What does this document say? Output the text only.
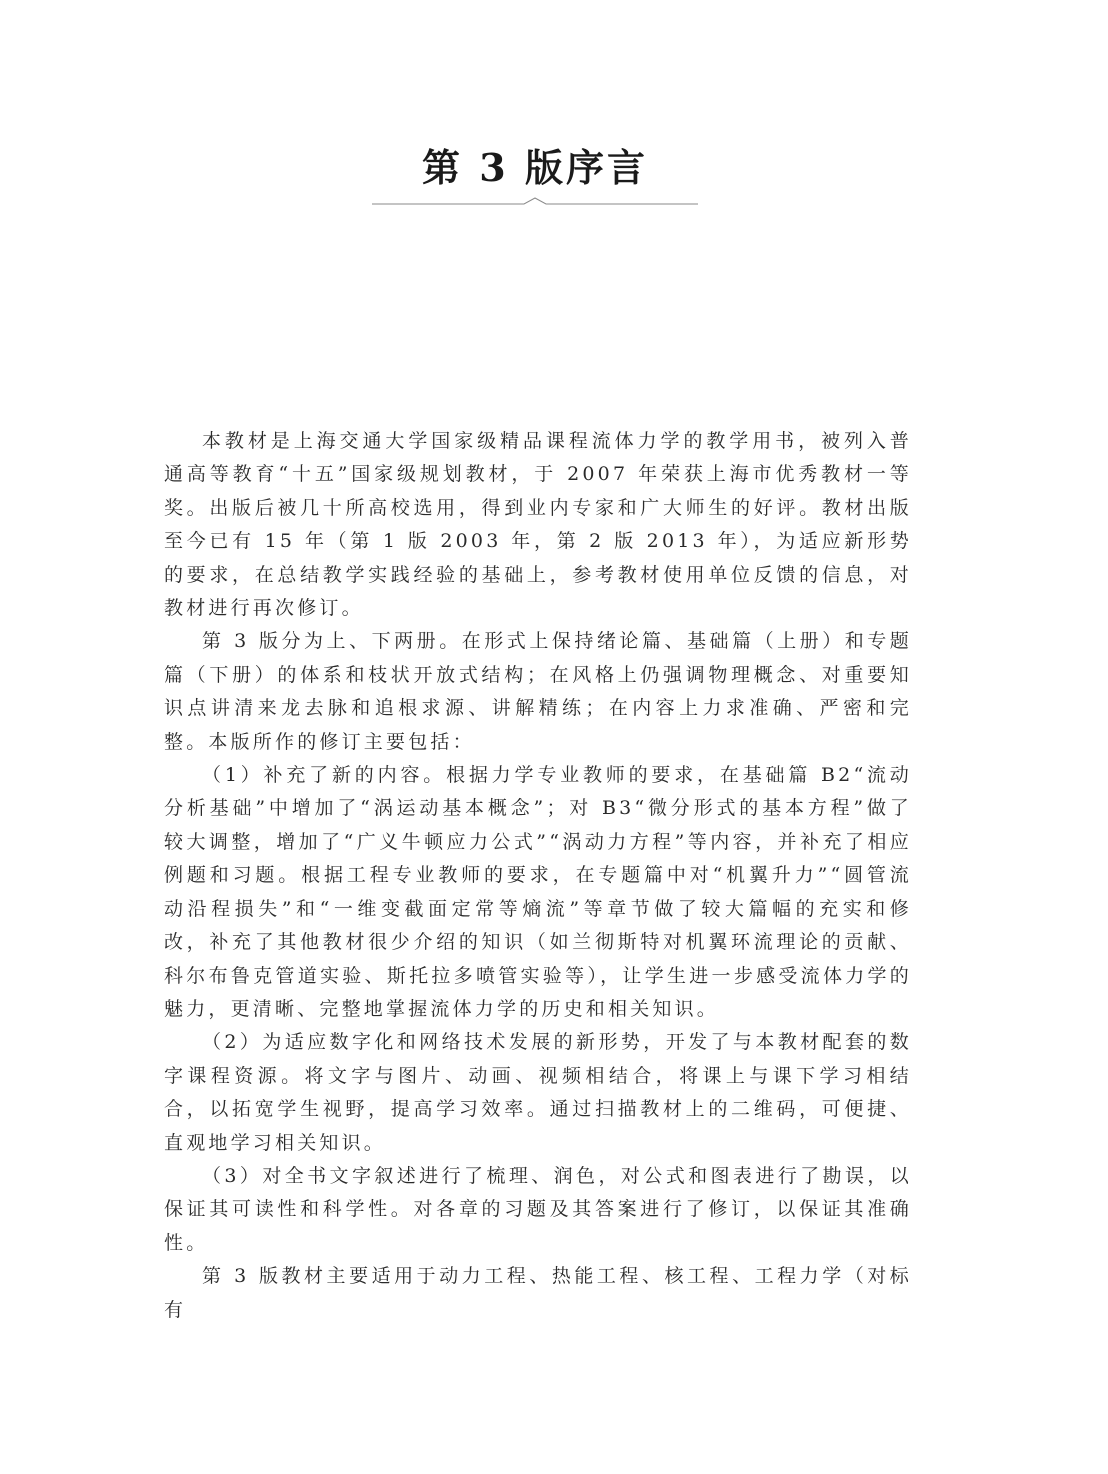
第 3 版序言

本教材是上海交通大学国家级精品课程流体力学的教学用书，被列入普通高等教育“十五”国家级规划教材，于 2007 年荣获上海市优秀教材一等奖。出版后被几十所高校选用，得到业内专家和广大师生的好评。教材出版至今已有 15 年（第 1 版 2003 年，第 2 版 2013 年），为适应新形势的要求，在总结教学实践经验的基础上，参考教材使用单位反馈的信息，对教材进行再次修订。

第 3 版分为上、下两册。在形式上保持绪论篇、基础篇（上册）和专题篇（下册）的体系和枝状开放式结构；在风格上仍强调物理概念、对重要知识点讲清来龙去脉和追根求源、讲解精练；在内容上力求准确、严密和完整。本版所作的修订主要包括：

（1）补充了新的内容。根据力学专业教师的要求，在基础篇 B2“流动分析基础”中增加了“涡运动基本概念”；对 B3“微分形式的基本方程”做了较大调整，增加了“广义牛顿应力公式”“涡动力方程”等内容，并补充了相应例题和习题。根据工程专业教师的要求，在专题篇中对“机翼升力”“圆管流动沿程损失”和“一维变截面定常等熵流”等章节做了较大篇幅的充实和修改，补充了其他教材很少介绍的知识（如兰彻斯特对机翼环流理论的贡献、科尔布鲁克管道实验、斯托拉多喷管实验等），让学生进一步感受流体力学的魅力，更清晰、完整地掌握流体力学的历史和相关知识。

（2）为适应数字化和网络技术发展的新形势，开发了与本教材配套的数字课程资源。将文字与图片、动画、视频相结合，将课上与课下学习相结合，以拓宽学生视野，提高学习效率。通过扫描教材上的二维码，可便捷、直观地学习相关知识。

（3）对全书文字叙述进行了梳理、润色，对公式和图表进行了勘误，以保证其可读性和科学性。对各章的习题及其答案进行了修订，以保证其准确性。

第 3 版教材主要适用于动力工程、热能工程、核工程、工程力学（对标有
